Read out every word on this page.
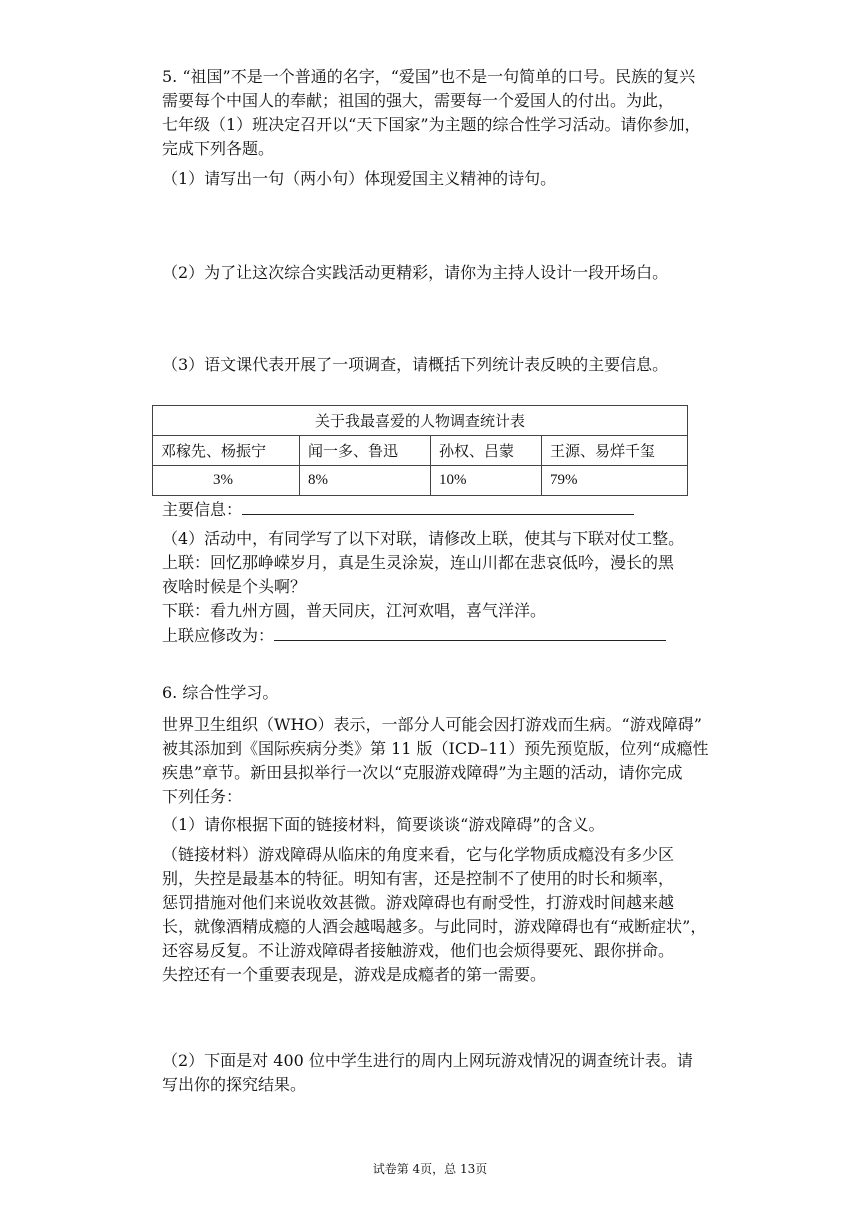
5. “祖国”不是一个普通的名字，“爱国”也不是一句简单的口号。民族的复兴
需要每个中国人的奉献；祖国的强大，需要每一个爱国人的付出。为此，
七年级（1）班决定召开以“天下国家”为主题的综合性学习活动。请你参加，
完成下列各题。
（1）请写出一句（两小句）体现爱国主义精神的诗句。
（2）为了让这次综合实践活动更精彩，请你为主持人设计一段开场白。
（3）语文课代表开展了一项调查，请概括下列统计表反映的主要信息。
关于我最喜爱的人物调查统计表			
邓稼先、杨振宁	闻一多、鲁迅	孙权、吕蒙	王源、易烊千玺
3%	8%	10%	79%
主要信息：
（4）活动中，有同学写了以下对联，请修改上联，使其与下联对仗工整。
上联：回忆那峥嵘岁月，真是生灵涂炭，连山川都在悲哀低吟，漫长的黑
夜啥时候是个头啊？
下联：看九州方圆，普天同庆，江河欢唱，喜气洋洋。
上联应修改为：
6. 综合性学习。
世界卫生组织（WHO）表示，一部分人可能会因打游戏而生病。“游戏障碍”
被其添加到《国际疾病分类》第 11 版（ICD–11）预先预览版，位列“成瘾性
疾患”章节。新田县拟举行一次以“克服游戏障碍”为主题的活动，请你完成
下列任务：
（1）请你根据下面的链接材料，简要谈谈“游戏障碍”的含义。
（链接材料）游戏障碍从临床的角度来看，它与化学物质成瘾没有多少区
别，失控是最基本的特征。明知有害，还是控制不了使用的时长和频率，
惩罚措施对他们来说收效甚微。游戏障碍也有耐受性，打游戏时间越来越
长，就像酒精成瘾的人酒会越喝越多。与此同时，游戏障碍也有“戒断症状”，
还容易反复。不让游戏障碍者接触游戏，他们也会烦得要死、跟你拼命。
失控还有一个重要表现是，游戏是成瘾者的第一需要。
（2）下面是对 400 位中学生进行的周内上网玩游戏情况的调查统计表。请
写出你的探究结果。
试卷第 4页，总 13页
